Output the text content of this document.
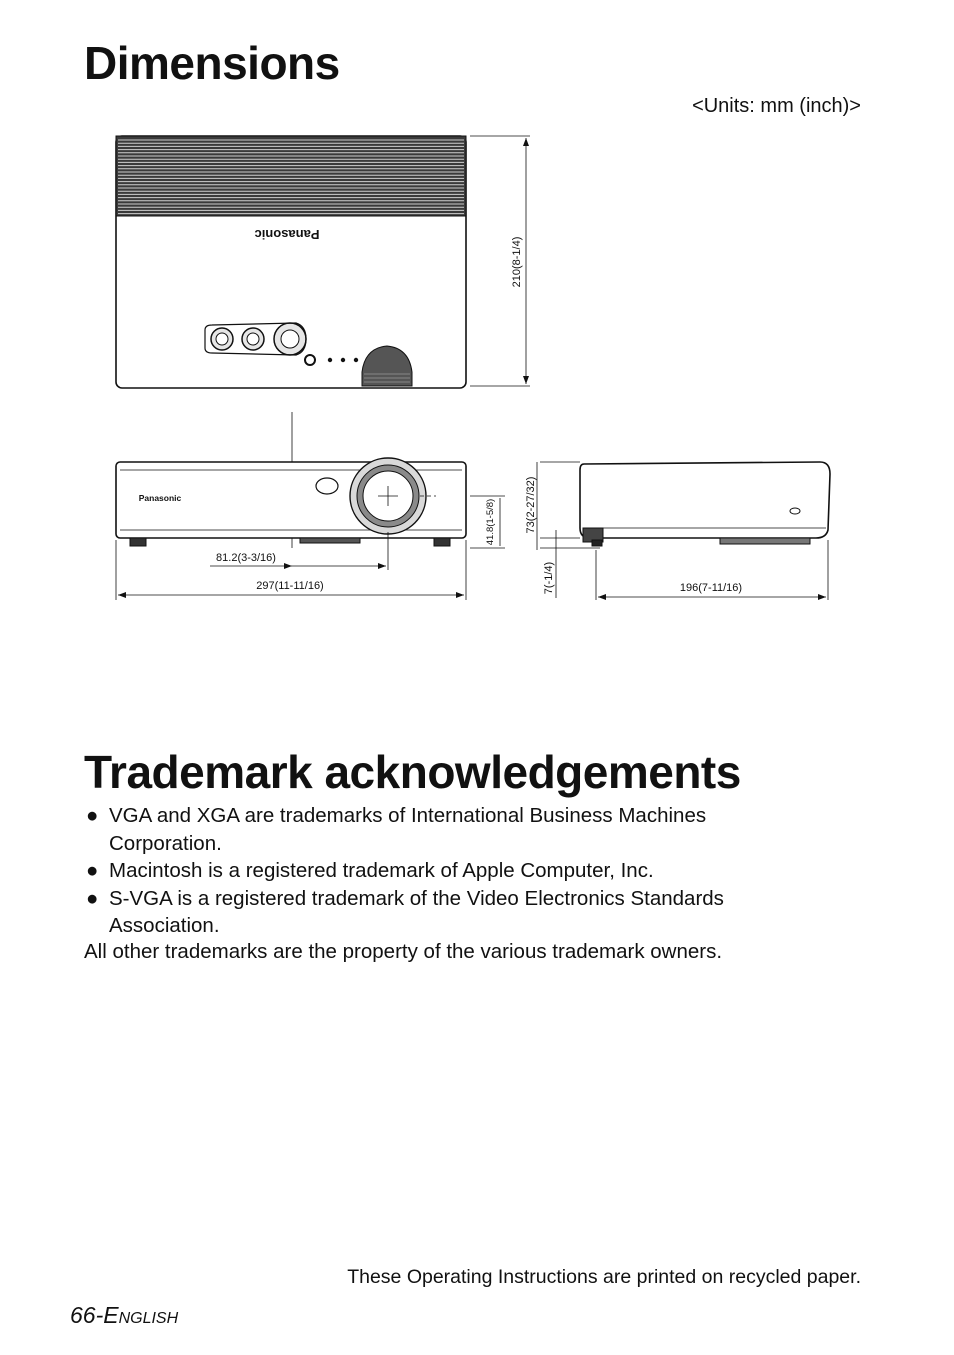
Dimensions
<Units: mm (inch)>
Panasonic
210(8-1/4)
Panasonic
81.2(3-3/16)
297(11-11/16)
41.8(1-5/8)	73(2-27/32)
7(-1/4)	196(7-11/16)
Trademark acknowledgements
● VGA and XGA are trademarks of International Business Machines Corporation.
● Macintosh is a registered trademark of Apple Computer, Inc.
● S-VGA is a registered trademark of the Video Electronics Standards Association.
All other trademarks are the property of the various trademark owners.
These Operating Instructions are printed on recycled paper.
66-English
